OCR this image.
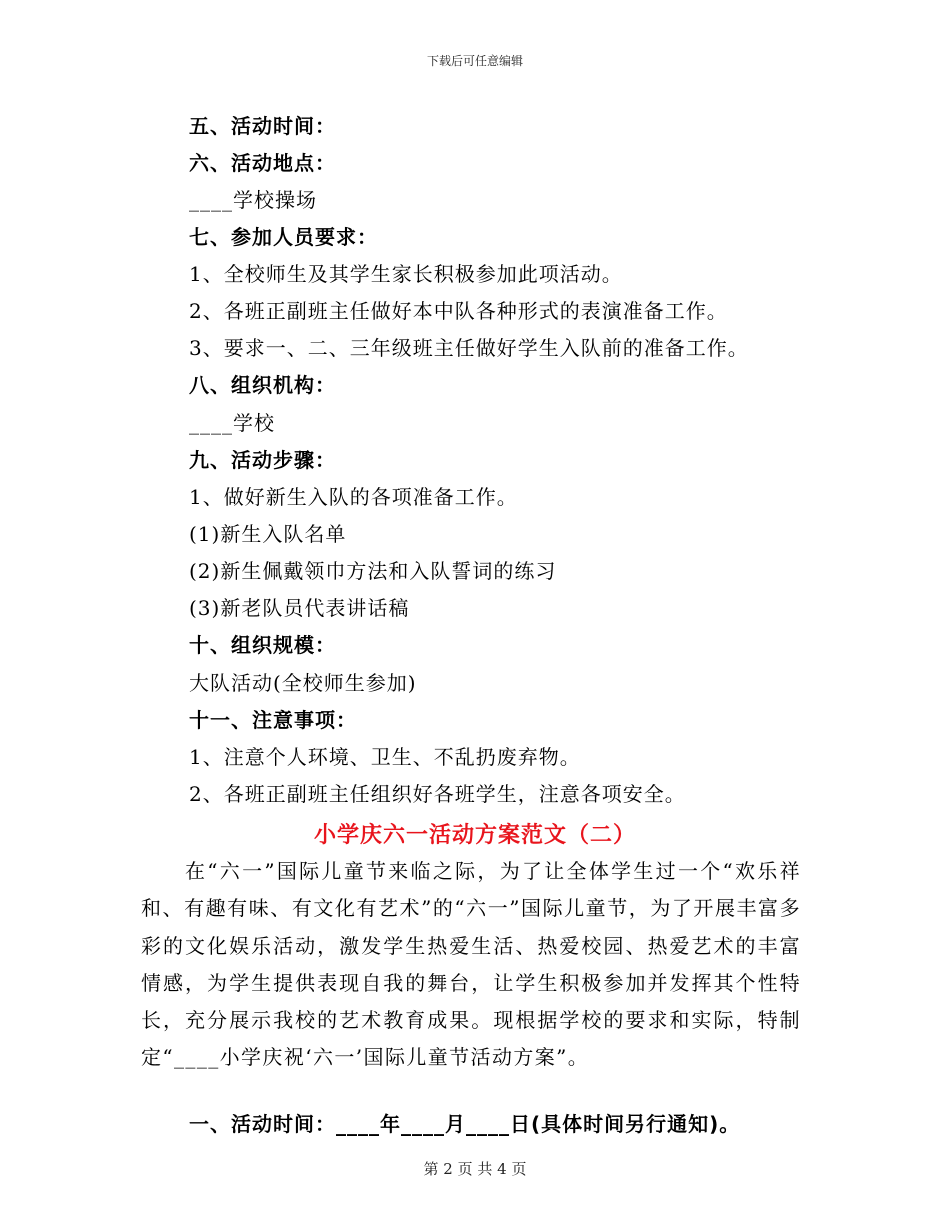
下载后可任意编辑
五、活动时间：
六、活动地点：
____学校操场
七、参加人员要求：
1、全校师生及其学生家长积极参加此项活动。
2、各班正副班主任做好本中队各种形式的表演准备工作。
3、要求一、二、三年级班主任做好学生入队前的准备工作。
八、组织机构：
____学校
九、活动步骤：
1、做好新生入队的各项准备工作。
(1)新生入队名单
(2)新生佩戴领巾方法和入队誓词的练习
(3)新老队员代表讲话稿
十、组织规模：
大队活动(全校师生参加)
十一、注意事项：
1、注意个人环境、卫生、不乱扔废弃物。
2、各班正副班主任组织好各班学生，注意各项安全。
小学庆六一活动方案范文（二）
在“六一”国际儿童节来临之际，为了让全体学生过一个“欢乐祥和、有趣有味、有文化有艺术”的“六一”国际儿童节，为了开展丰富多彩的文化娱乐活动，激发学生热爱生活、热爱校园、热爱艺术的丰富情感，为学生提供表现自我的舞台，让学生积极参加并发挥其个性特长，充分展示我校的艺术教育成果。现根据学校的要求和实际，特制定“____小学庆祝‘六一’国际儿童节活动方案”。
一、活动时间：____年____月____日(具体时间另行通知)。
第 2 页 共 4 页
